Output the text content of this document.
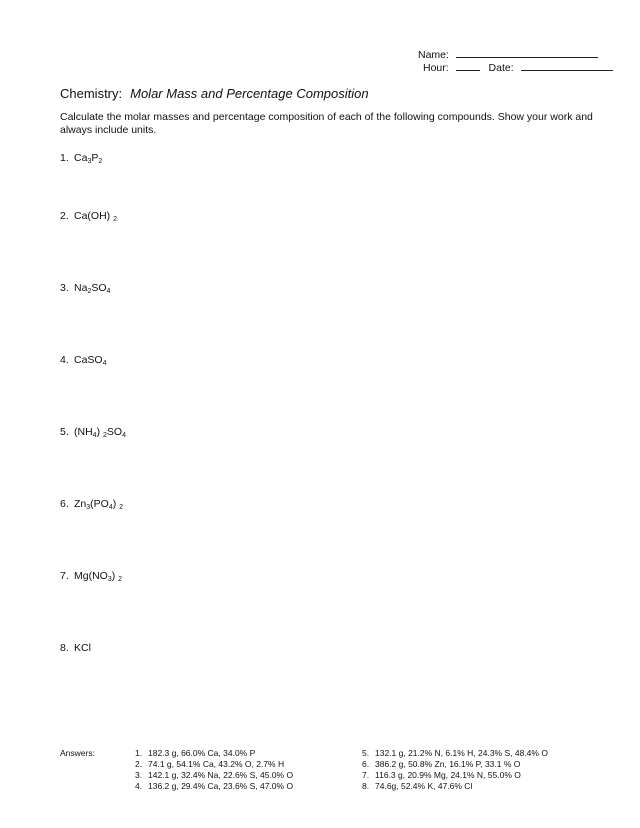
Name:
Hour:	Date:
Chemistry: Molar Mass and Percentage Composition
Calculate the molar masses and percentage composition of each of the following compounds. Show your work and always include units.
1. $Ca_3P_2$
2. Ca(OH) $_2$
3. $Na_2SO_4$
4. CaSO$_4$
5. $(NH_4)$ $_2SO_4$
6. $Zn_3(PO_4)$ $_2$
7. $Mg(NO_3)$ $_2$
8. KCl
Answers:	1. 182.3 g, 66.0% Ca, 34.0% P
2. 74.1 g, 54.1% Ca, 43.2% O, 2.7% H
3. 142.1 g, 32.4% Na, 22.6% S, 45.0% O
4. 136.2 g, 29.4% Ca, 23.6% S, 47.0% O
5. 132.1 g, 21.2% N, 6.1% H, 24.3% S, 48.4% O
6. 386.2 g, 50.8% Zn, 16.1% P, 33.1 % O
7. 116.3 g, 20.9% Mg, 24.1% N, 55.0% O
8. 74.6g, 52.4% K, 47.6% Cl
